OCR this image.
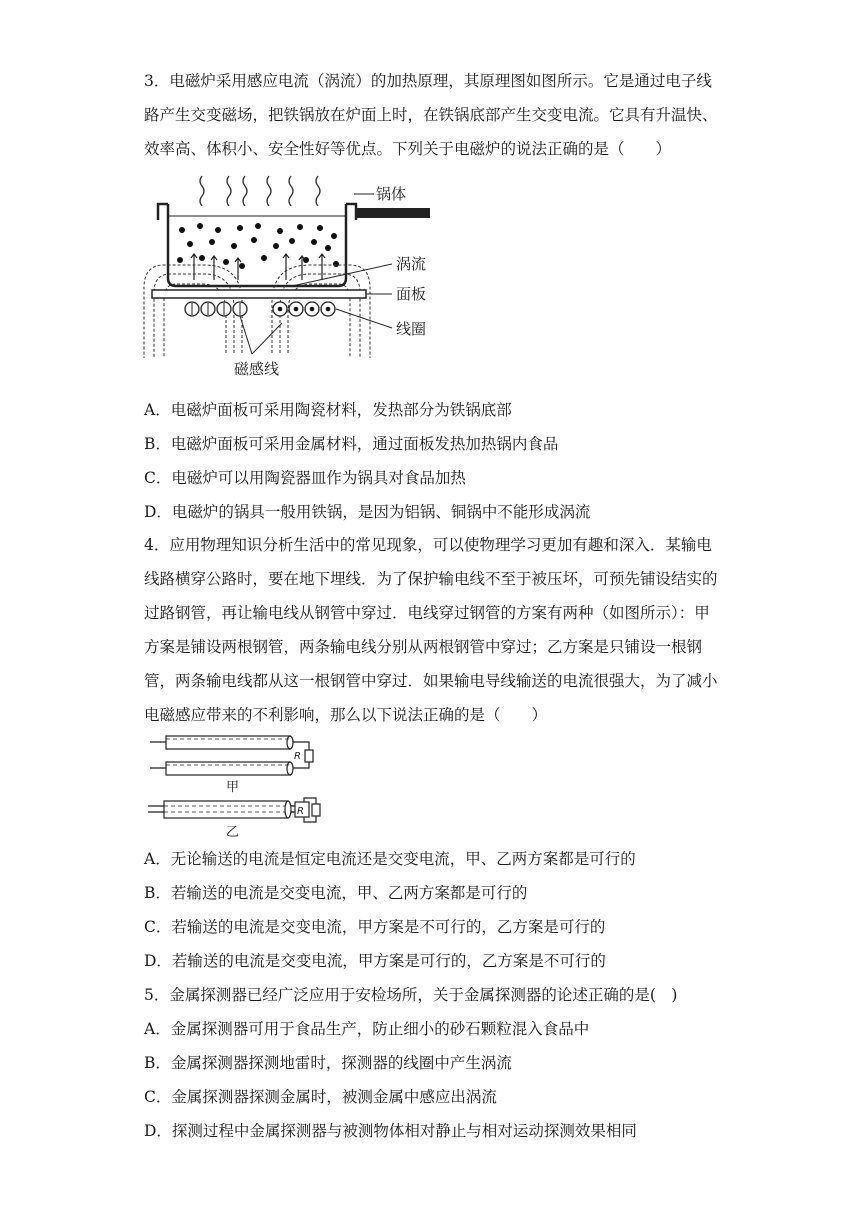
3．电磁炉采用感应电流（涡流）的加热原理，其原理图如图所示。它是通过电子线路产生交变磁场，把铁锅放在炉面上时，在铁锅底部产生交变电流。它具有升温快、效率高、体积小、安全性好等优点。下列关于电磁炉的说法正确的是（　　）

锅体
涡流
面板
线圈
磁感线

A．电磁炉面板可采用陶瓷材料，发热部分为铁锅底部

B．电磁炉面板可采用金属材料，通过面板发热加热锅内食品

C．电磁炉可以用陶瓷器皿作为锅具对食品加热

D．电磁炉的锅具一般用铁锅，是因为铝锅、铜锅中不能形成涡流

4．应用物理知识分析生活中的常见现象，可以使物理学习更加有趣和深入．某输电线路横穿公路时，要在地下埋线．为了保护输电线不至于被压坏，可预先铺设结实的过路钢管，再让输电线从钢管中穿过．电线穿过钢管的方案有两种（如图所示）：甲方案是铺设两根钢管，两条输电线分别从两根钢管中穿过；乙方案是只铺设一根钢管，两条输电线都从这一根钢管中穿过．如果输电导线输送的电流很强大，为了减小电磁感应带来的不利影响，那么以下说法正确的是（　　）

R
甲
R
乙

A．无论输送的电流是恒定电流还是交变电流，甲、乙两方案都是可行的

B．若输送的电流是交变电流，甲、乙两方案都是可行的

C．若输送的电流是交变电流，甲方案是不可行的，乙方案是可行的

D．若输送的电流是交变电流，甲方案是可行的，乙方案是不可行的

5．金属探测器已经广泛应用于安检场所，关于金属探测器的论述正确的是(　)

A．金属探测器可用于食品生产，防止细小的砂石颗粒混入食品中

B．金属探测器探测地雷时，探测器的线圈中产生涡流

C．金属探测器探测金属时，被测金属中感应出涡流

D．探测过程中金属探测器与被测物体相对静止与相对运动探测效果相同
